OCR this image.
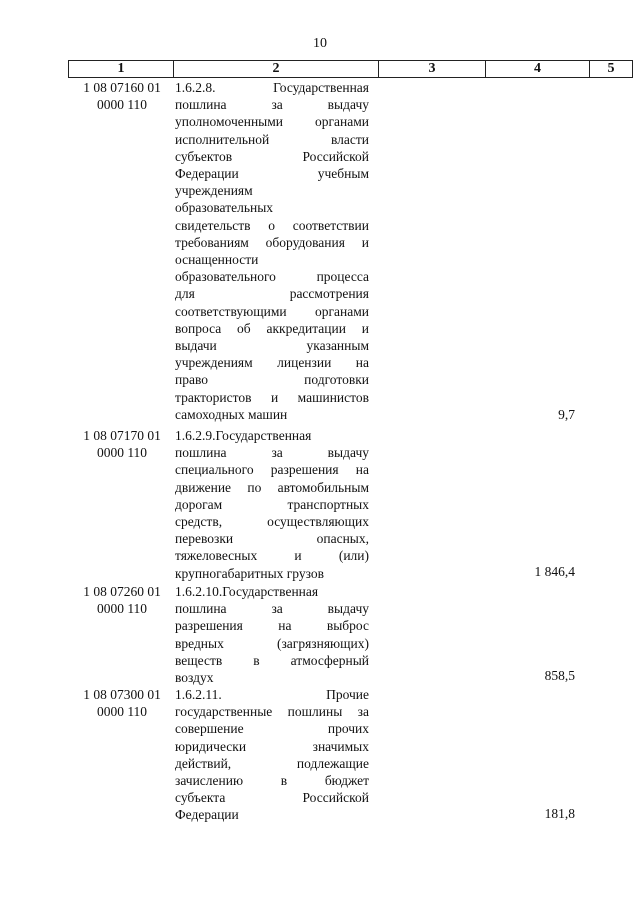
10
1	2	3	4	5
1 08 07160 01
0000 110
1.6.2.8. Государственная
пошлина за выдачу
уполномоченными органами
исполнительной власти
субъектов Российской
Федерации учебным
учреждениям
образовательных
свидетельств о соответствии
требованиям оборудования и
оснащенности
образовательного процесса
для рассмотрения
соответствующими органами
вопроса об аккредитации и
выдачи указанным
учреждениям лицензии на
право подготовки
трактористов и машинистов
самоходных машин	9,7
1 08 07170 01
0000 110
1.6.2.9.Государственная
пошлина за выдачу
специального разрешения на
движение по автомобильным
дорогам транспортных
средств, осуществляющих
перевозки опасных,
тяжеловесных и (или)
крупногабаритных грузов	1 846,4
1 08 07260 01
0000 110
1.6.2.10.Государственная
пошлина за выдачу
разрешения на выброс
вредных (загрязняющих)
веществ в атмосферный
воздух	858,5
1 08 07300 01
0000 110
1.6.2.11. Прочие
государственные пошлины за
совершение прочих
юридически значимых
действий, подлежащие
зачислению в бюджет
субъекта Российской
Федерации	181,8
